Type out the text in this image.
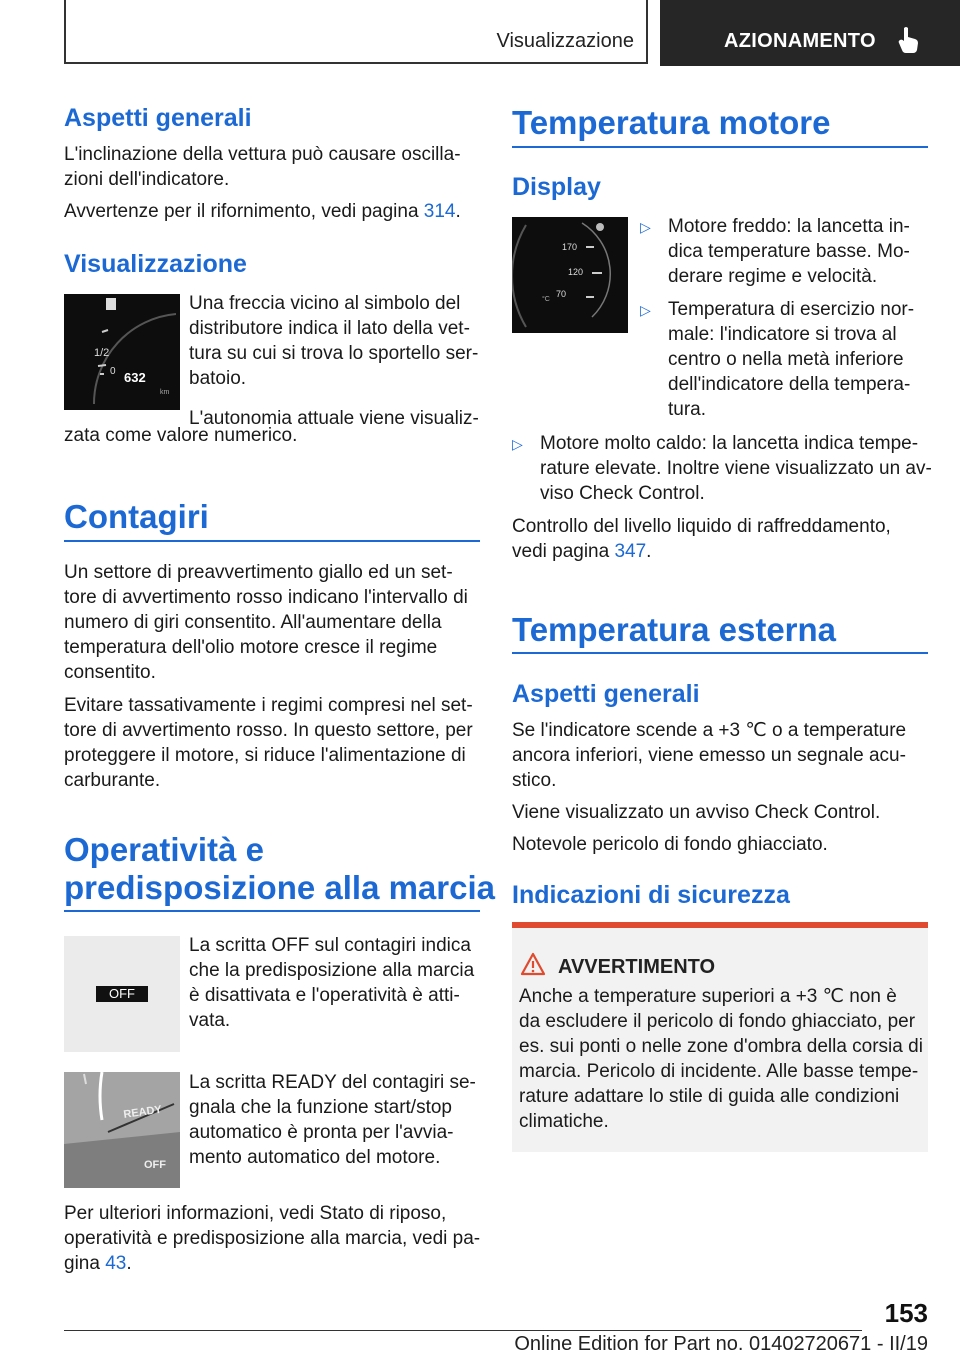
Visualizzazione	AZIONAMENTO
Aspetti generali

L'inclinazione della vettura può causare oscilla-
zioni dell'indicatore.

Avvertenze per il rifornimento, vedi pagina 314.

Visualizzazione
1/2
0 632
km

Una freccia vicino al simbolo del
distributore indica il lato della vet-
tura su cui si trova lo sportello ser-
batoio.

L'autonomia attuale viene visualiz-

zata come valore numerico.

Contagiri

Un settore di preavvertimento giallo ed un set-
tore di avvertimento rosso indicano l'intervallo di
numero di giri consentito. All'aumentare della
temperatura dell'olio motore cresce il regime
consentito.

Evitare tassativamente i regimi compresi nel set-
tore di avvertimento rosso. In questo settore, per
proteggere il motore, si riduce l'alimentazione di
carburante.

Operatività e
predisposizione alla marcia
OFF

La scritta OFF sul contagiri indica
che la predisposizione alla marcia
è disattivata e l'operatività è atti-
vata.

READY
OFF

La scritta READY del contagiri se-
gnala che la funzione start/stop
automatico è pronta per l'avvia-
mento automatico del motore.

Per ulteriori informazioni, vedi Stato di riposo,
operatività e predisposizione alla marcia, vedi pa-
gina 43.

Temperatura motore
Display
170
120
70
°C
▷ Motore freddo: la lancetta in-
dica temperature basse. Mo-
derare regime e velocità.

▷ Temperatura di esercizio nor-
male: l'indicatore si trova al
centro o nella metà inferiore
dell'indicatore della tempera-
tura.

▷ Motore molto caldo: la lancetta indica tempe-
rature elevate. Inoltre viene visualizzato un av-
viso Check Control.

Controllo del livello liquido di raffreddamento,
vedi pagina 347.

Temperatura esterna
Aspetti generali

Se l'indicatore scende a +3 ℃ o a temperature
ancora inferiori, viene emesso un segnale acu-
stico.

Viene visualizzato un avviso Check Control.

Notevole pericolo di fondo ghiacciato.

Indicazioni di sicurezza
AVVERTIMENTO

Anche a temperature superiori a +3 ℃ non è
da escludere il pericolo di fondo ghiacciato, per
es. sui ponti o nelle zone d'ombra della corsia di
marcia. Pericolo di incidente. Alle basse tempe-
rature adattare lo stile di guida alle condizioni
climatiche.

153
Online Edition for Part no. 01402720671 - II/19
